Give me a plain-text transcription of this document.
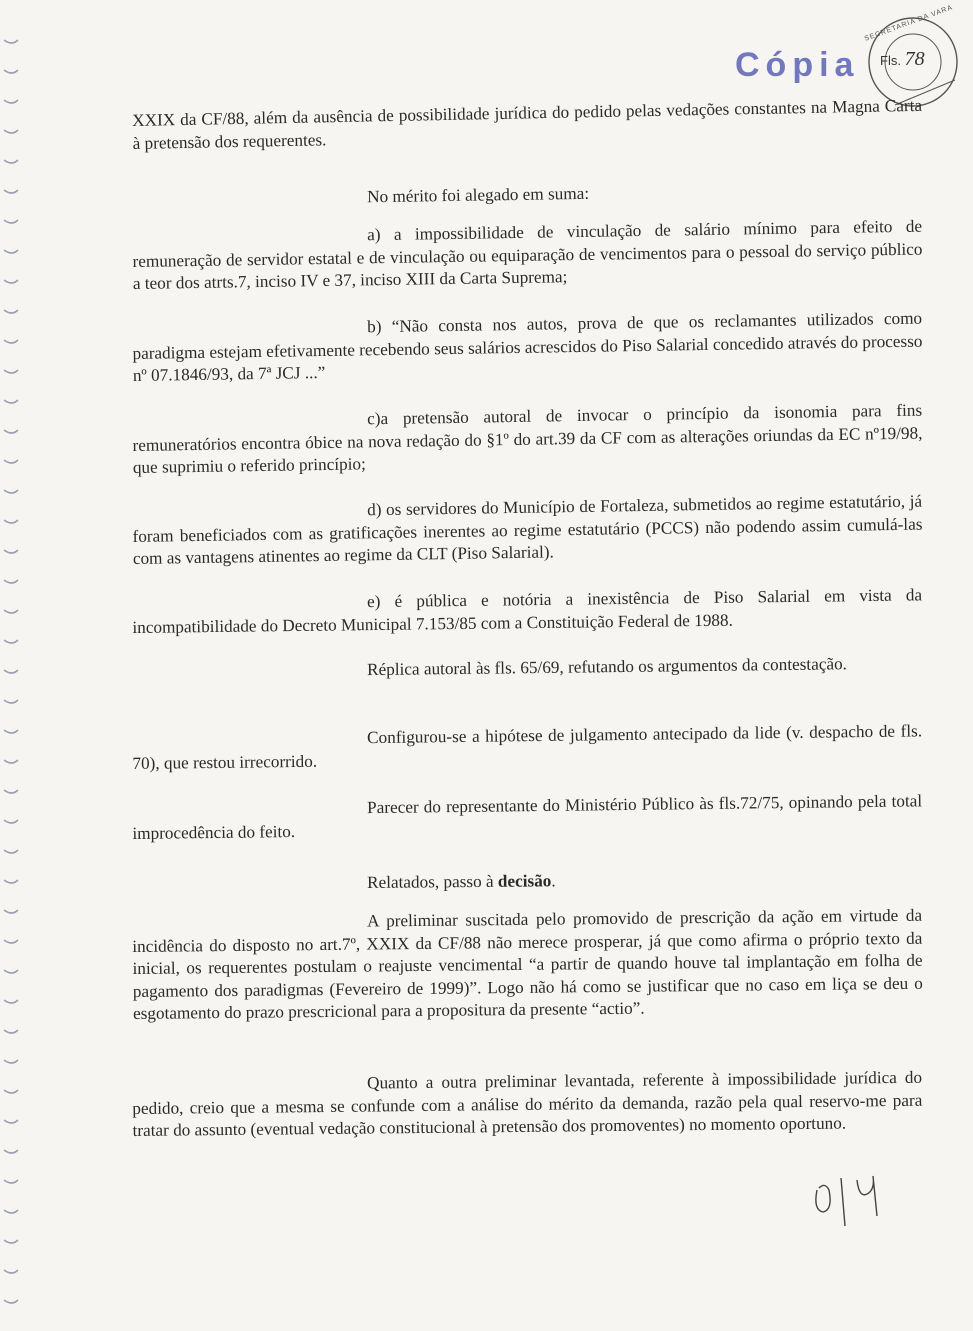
Cópia Fls. 78
SECRETARIA DA VARA

XXIX da CF/88, além da ausência de possibilidade jurídica do pedido pelas vedações constantes na Magna Carta à pretensão dos requerentes.

No mérito foi alegado em suma:

a) a impossibilidade de vinculação de salário mínimo para efeito de remuneração de servidor estatal e de vinculação ou equiparação de vencimentos para o pessoal do serviço público a teor dos atrts.7, inciso IV e 37, inciso XIII da Carta Suprema;

b) “Não consta nos autos, prova de que os reclamantes utilizados como paradigma estejam efetivamente recebendo seus salários acrescidos do Piso Salarial concedido através do processo nº 07.1846/93, da 7ª JCJ ...”

c)a pretensão autoral de invocar o princípio da isonomia para fins remuneratórios encontra óbice na nova redação do §1º do art.39 da CF com as alterações oriundas da EC nº19/98, que suprimiu o referido princípio;

d) os servidores do Município de Fortaleza, submetidos ao regime estatutário, já foram beneficiados com as gratificações inerentes ao regime estatutário (PCCS) não podendo assim cumulá-las com as vantagens atinentes ao regime da CLT (Piso Salarial).

e) é pública e notória a inexistência de Piso Salarial em vista da incompatibilidade do Decreto Municipal 7.153/85 com a Constituição Federal de 1988.

Réplica autoral às fls. 65/69, refutando os argumentos da contestação.

Configurou-se a hipótese de julgamento antecipado da lide (v. despacho de fls. 70), que restou irrecorrido.

Parecer do representante do Ministério Público às fls.72/75, opinando pela total improcedência do feito.

Relatados, passo à decisão.

A preliminar suscitada pelo promovido de prescrição da ação em virtude da incidência do disposto no art.7º, XXIX da CF/88 não merece prosperar, já que como afirma o próprio texto da inicial, os requerentes postulam o reajuste vencimental “a partir de quando houve tal implantação em folha de pagamento dos paradigmas (Fevereiro de 1999)”. Logo não há como se justificar que no caso em liça se deu o esgotamento do prazo prescricional para a propositura da presente “actio”.

Quanto a outra preliminar levantada, referente à impossibilidade jurídica do pedido, creio que a mesma se confunde com a análise do mérito da demanda, razão pela qual reservo-me para tratar do assunto (eventual vedação constitucional à pretensão dos promoventes) no momento oportuno.
